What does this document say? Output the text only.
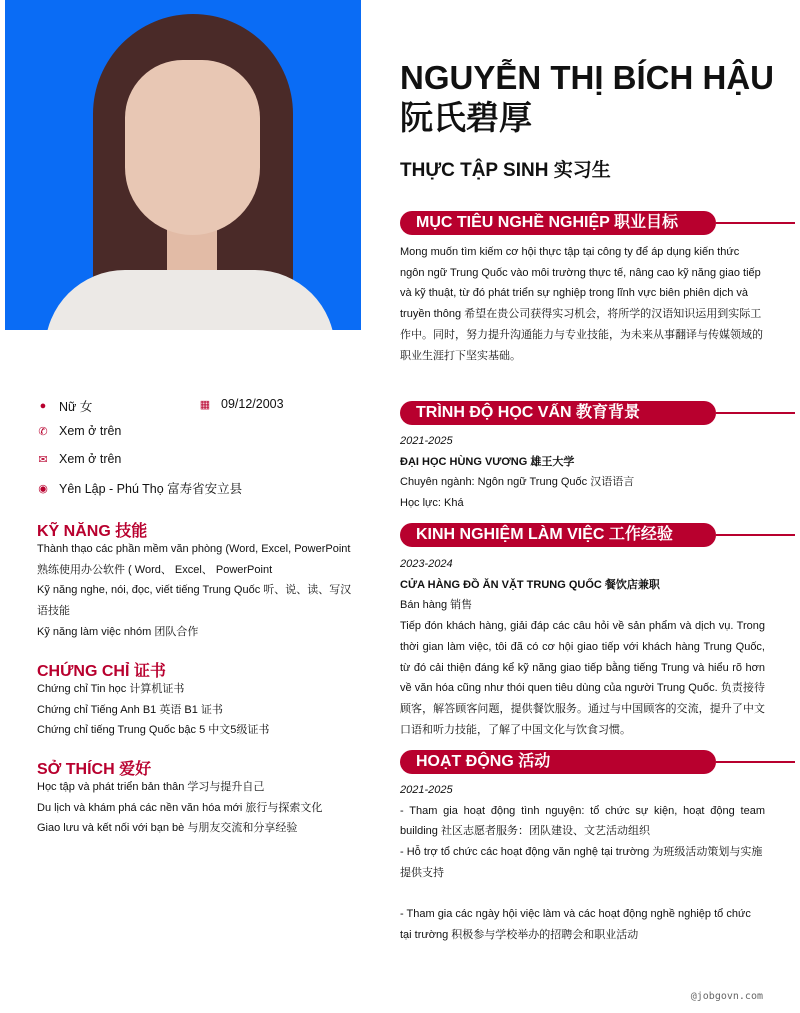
NGUYỄN THỊ BÍCH HẬU
阮氏碧厚
THỰC TẬP SINH 实习生
● Nữ 女	▦ 09/12/2003
✆ Xem ở trên
✉ Xem ở trên
◉ Yên Lập - Phú Thọ 富寿省安立县
KỸ NĂNG 技能
Thành thạo các phần mềm văn phòng (Word, Excel, PowerPoint 熟练使用办公软件 ( Word、 Excel、 PowerPoint
Kỹ năng nghe, nói, đọc, viết tiếng Trung Quốc 听、说、读、写汉语技能
Kỹ năng làm việc nhóm 团队合作
CHỨNG CHỈ 证书
Chứng chỉ Tin học 计算机证书
Chứng chỉ Tiếng Anh B1 英语 B1 证书
Chứng chỉ tiếng Trung Quốc bậc 5 中文5级证书
SỞ THÍCH 爱好
Học tập và phát triển bản thân 学习与提升自己
Du lịch và khám phá các nền văn hóa mới 旅行与探索文化
Giao lưu và kết nối với bạn bè 与朋友交流和分享经验
MỤC TIÊU NGHỀ NGHIỆP 职业目标
Mong muốn tìm kiếm cơ hội thực tập tại công ty để áp dụng kiến thức ngôn ngữ Trung Quốc vào môi trường thực tế, nâng cao kỹ năng giao tiếp và kỹ thuật, từ đó phát triển sự nghiệp trong lĩnh vực biên phiên dịch và truyền thông 希望在贵公司获得实习机会，将所学的汉语知识运用到实际工作中。同时，努力提升沟通能力与专业技能，为未来从事翻译与传媒领域的职业生涯打下坚实基础。
TRÌNH ĐỘ HỌC VẤN 教育背景
2021-2025
ĐẠI HỌC HÙNG VƯƠNG 雄王大学
Chuyên ngành: Ngôn ngữ Trung Quốc 汉语语言
Học lực: Khá
KINH NGHIỆM LÀM VIỆC 工作经验
2023-2024
CỬA HÀNG ĐỒ ĂN VẶT TRUNG QUỐC 餐饮店兼职
Bán hàng 销售
Tiếp đón khách hàng, giải đáp các câu hỏi về sản phẩm và dịch vụ. Trong thời gian làm việc, tôi đã có cơ hội giao tiếp với khách hàng Trung Quốc, từ đó cải thiện đáng kể kỹ năng giao tiếp bằng tiếng Trung và hiểu rõ hơn về văn hóa cũng như thói quen tiêu dùng của người Trung Quốc. 负责接待顾客，解答顾客问题，提供餐饮服务。通过与中国顾客的交流，提升了中文口语和听力技能，了解了中国文化与饮食习惯。
HOẠT ĐỘNG 活动
2021-2025
- Tham gia hoạt động tình nguyện: tổ chức sự kiện, hoạt động team building 社区志愿者服务：团队建设、文艺活动组织
- Hỗ trợ tổ chức các hoạt động văn nghệ tại trường 为班级活动策划与实施提供支持
- Tham gia các ngày hội việc làm và các hoạt động nghề nghiệp tổ chức tại trường 积极参与学校举办的招聘会和职业活动
@jobgovn.com
